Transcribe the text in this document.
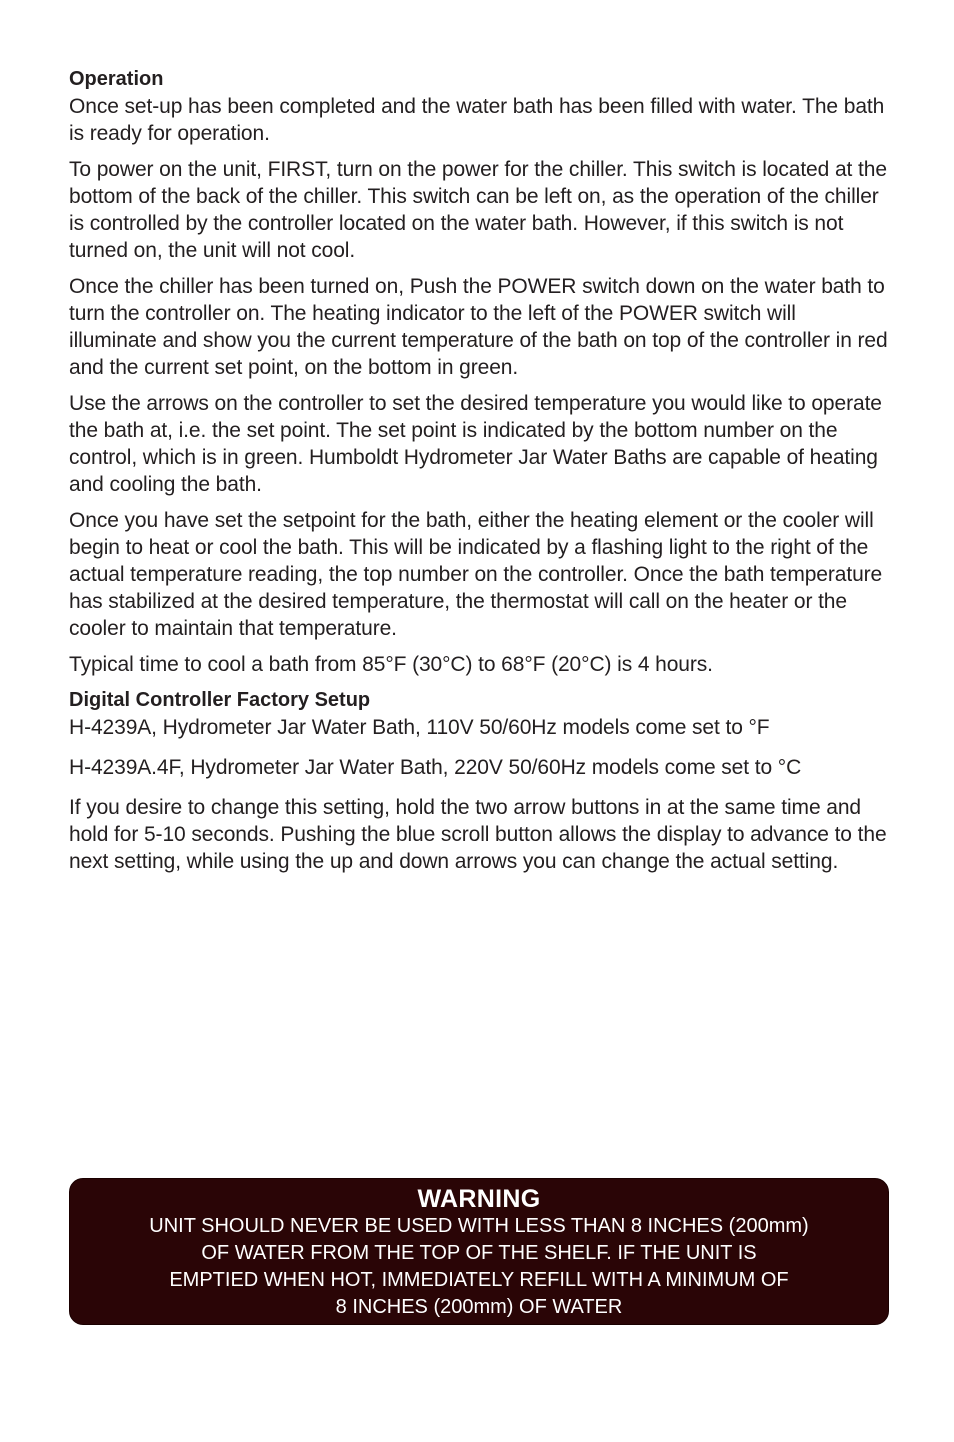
Operation

Once set-up has been completed and the water bath has been filled with water. The bath is ready for operation.

To power on the unit, FIRST, turn on the power for the chiller. This switch is located at the bottom of the back of the chiller. This switch can be left on, as the operation of the chiller is controlled by the controller located on the water bath. However, if this switch is not turned on, the unit will not cool.

Once the chiller has been turned on, Push the POWER switch down on the water bath to turn the controller on. The heating indicator to the left of the POWER switch will illuminate and show you the current temperature of the bath on top of the controller in red and the current set point, on the bottom in green.

Use the arrows on the controller to set the desired temperature you would like to operate the bath at, i.e. the set point. The set point is indicated by the bottom number on the control, which is in green. Humboldt Hydrometer Jar Water Baths are capable of heating and cooling the bath.

Once you have set the setpoint for the bath, either the heating element or the cooler will begin to heat or cool the bath. This will be indicated by a flashing light to the right of the actual temperature reading, the top number on the controller. Once the bath temperature has stabilized at the desired temperature, the thermostat will call on the heater or the cooler to maintain that temperature.

Typical time to cool a bath from 85°F (30°C) to 68°F (20°C) is 4 hours.

Digital Controller Factory Setup

H-4239A, Hydrometer Jar Water Bath, 110V 50/60Hz models come set to °F

H-4239A.4F, Hydrometer Jar Water Bath, 220V 50/60Hz models come set to °C

If you desire to change this setting, hold the two arrow buttons in at the same time and hold for 5-10 seconds. Pushing the blue scroll button allows the display to advance to the next setting, while using the up and down arrows you can change the actual setting.

WARNING

UNIT SHOULD NEVER BE USED WITH LESS THAN 8 INCHES (200mm)

OF WATER FROM THE TOP OF THE SHELF. IF THE UNIT IS

EMPTIED WHEN HOT, IMMEDIATELY REFILL WITH A MINIMUM OF

8 INCHES (200mm) OF WATER
